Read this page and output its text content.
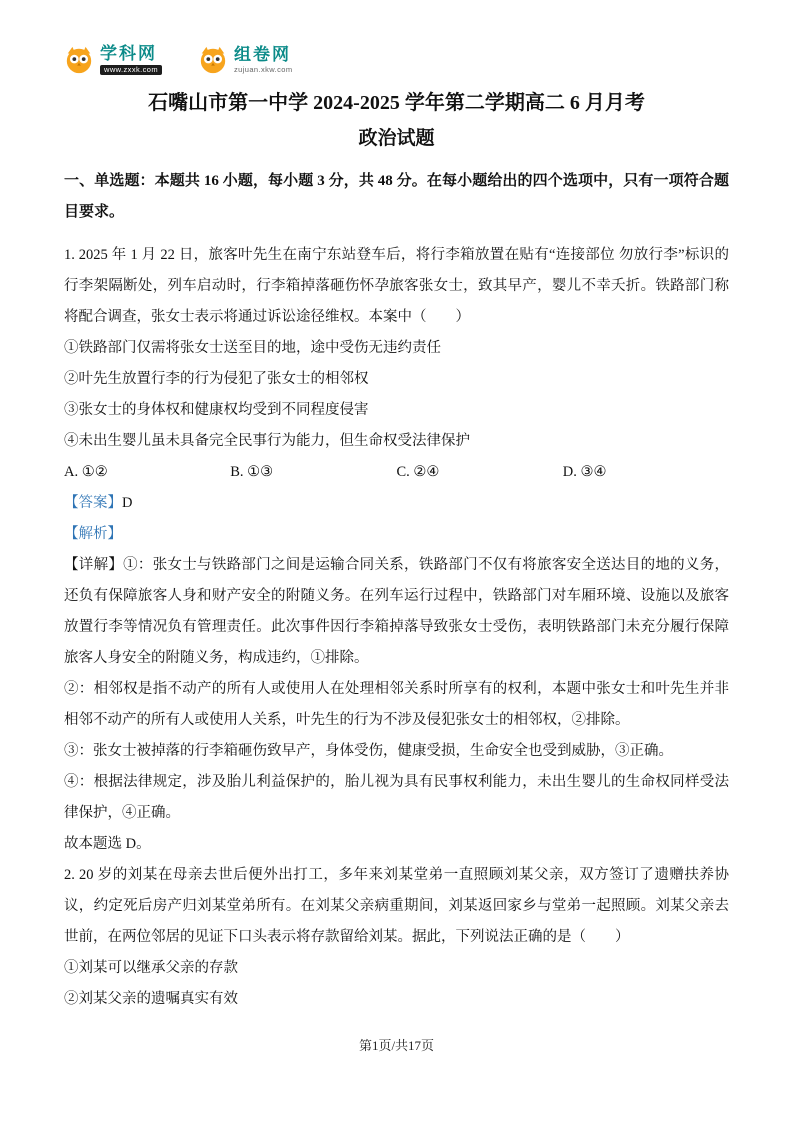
学科网
www.zxxk.com
组卷网
zujuan.xkw.com
石嘴山市第一中学 2024-2025 学年第二学期高二 6 月月考
政治试题

一、单选题：本题共 16 小题，每小题 3 分，共 48 分。在每小题给出的四个选项中，只有一项符合题目要求。

1. 2025 年 1 月 22 日，旅客叶先生在南宁东站登车后，将行李箱放置在贴有“连接部位 勿放行李”标识的行李架隔断处，列车启动时，行李箱掉落砸伤怀孕旅客张女士，致其早产，婴儿不幸夭折。铁路部门称将配合调查，张女士表示将通过诉讼途径维权。本案中（　　）

①铁路部门仅需将张女士送至目的地，途中受伤无违约责任

②叶先生放置行李的行为侵犯了张女士的相邻权

③张女士的身体权和健康权均受到不同程度侵害

④未出生婴儿虽未具备完全民事行为能力，但生命权受法律保护

A. ①②	B. ①③	C. ②④	D. ③④

【答案】D

【解析】

【详解】①：张女士与铁路部门之间是运输合同关系，铁路部门不仅有将旅客安全送达目的地的义务，还负有保障旅客人身和财产安全的附随义务。在列车运行过程中，铁路部门对车厢环境、设施以及旅客放置行李等情况负有管理责任。此次事件因行李箱掉落导致张女士受伤，表明铁路部门未充分履行保障旅客人身安全的附随义务，构成违约，①排除。

②：相邻权是指不动产的所有人或使用人在处理相邻关系时所享有的权利，本题中张女士和叶先生并非相邻不动产的所有人或使用人关系，叶先生的行为不涉及侵犯张女士的相邻权，②排除。

③：张女士被掉落的行李箱砸伤致早产，身体受伤，健康受损，生命安全也受到威胁，③正确。

④：根据法律规定，涉及胎儿利益保护的，胎儿视为具有民事权利能力，未出生婴儿的生命权同样受法律保护，④正确。

故本题选 D。

2. 20 岁的刘某在母亲去世后便外出打工，多年来刘某堂弟一直照顾刘某父亲，双方签订了遗赠扶养协议，约定死后房产归刘某堂弟所有。在刘某父亲病重期间，刘某返回家乡与堂弟一起照顾。刘某父亲去世前，在两位邻居的见证下口头表示将存款留给刘某。据此，下列说法正确的是（　　）

①刘某可以继承父亲的存款

②刘某父亲的遗嘱真实有效

第1页/共17页
